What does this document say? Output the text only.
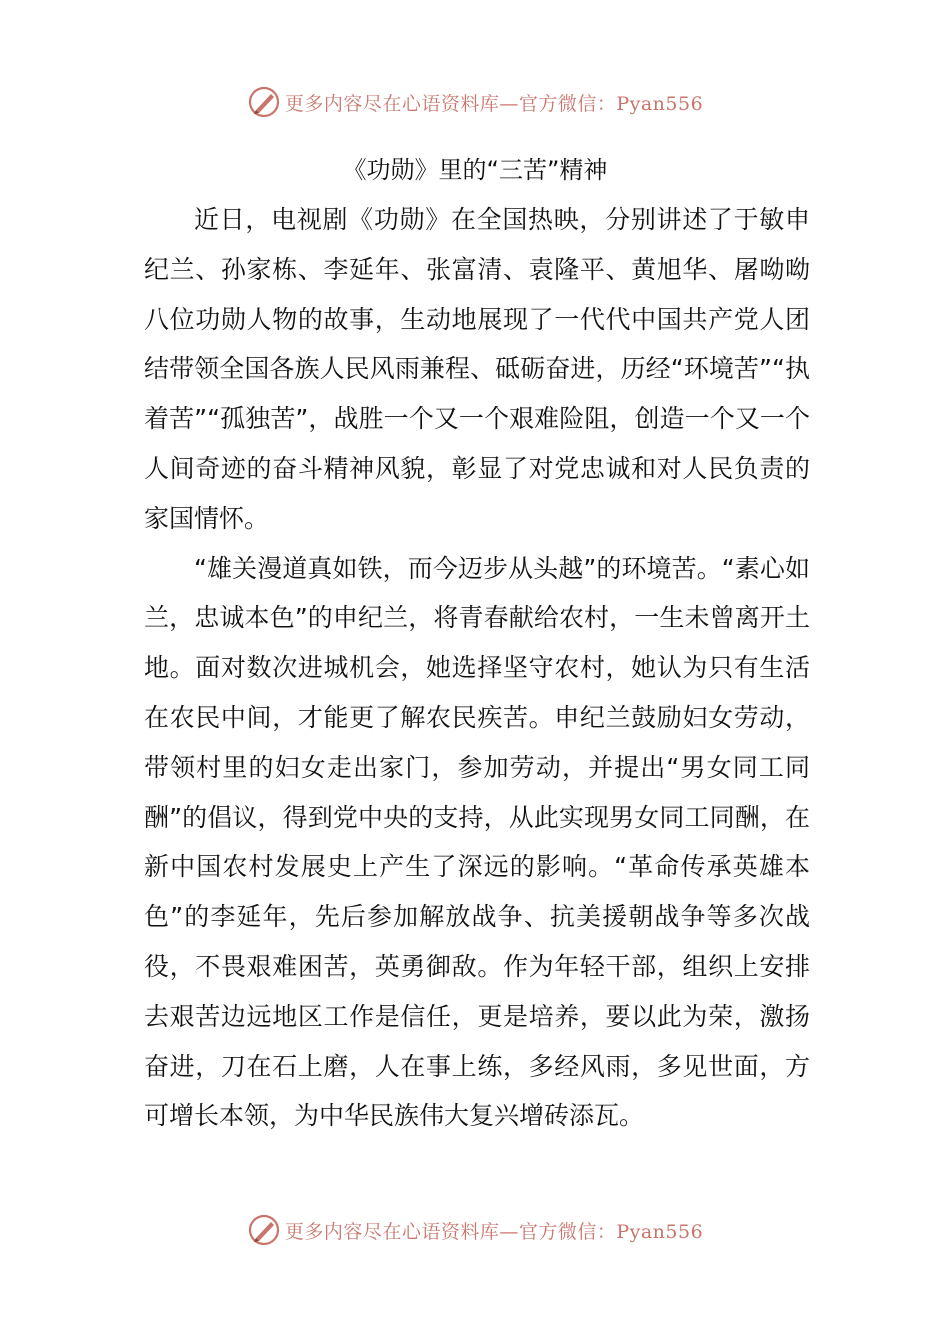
更多内容尽在心语资料库—官方微信：Pyan556
《功勋》里的“三苦”精神

近日，电视剧《功勋》在全国热映，分别讲述了于敏申纪兰、孙家栋、李延年、张富清、袁隆平、黄旭华、屠呦呦八位功勋人物的故事，生动地展现了一代代中国共产党人团结带领全国各族人民风雨兼程、砥砺奋进，历经“环境苦”“执着苦”“孤独苦”，战胜一个又一个艰难险阻，创造一个又一个人间奇迹的奋斗精神风貌，彰显了对党忠诚和对人民负责的家国情怀。

“雄关漫道真如铁，而今迈步从头越”的环境苦。“素心如兰，忠诚本色”的申纪兰，将青春献给农村，一生未曾离开土地。面对数次进城机会，她选择坚守农村，她认为只有生活在农民中间，才能更了解农民疾苦。申纪兰鼓励妇女劳动，带领村里的妇女走出家门，参加劳动，并提出“男女同工同酬”的倡议，得到党中央的支持，从此实现男女同工同酬，在新中国农村发展史上产生了深远的影响。“革命传承英雄本色”的李延年，先后参加解放战争、抗美援朝战争等多次战役，不畏艰难困苦，英勇御敌。作为年轻干部，组织上安排去艰苦边远地区工作是信任，更是培养，要以此为荣，激扬奋进，刀在石上磨，人在事上练，多经风雨，多见世面，方可增长本领，为中华民族伟大复兴增砖添瓦。

更多内容尽在心语资料库—官方微信：Pyan556
